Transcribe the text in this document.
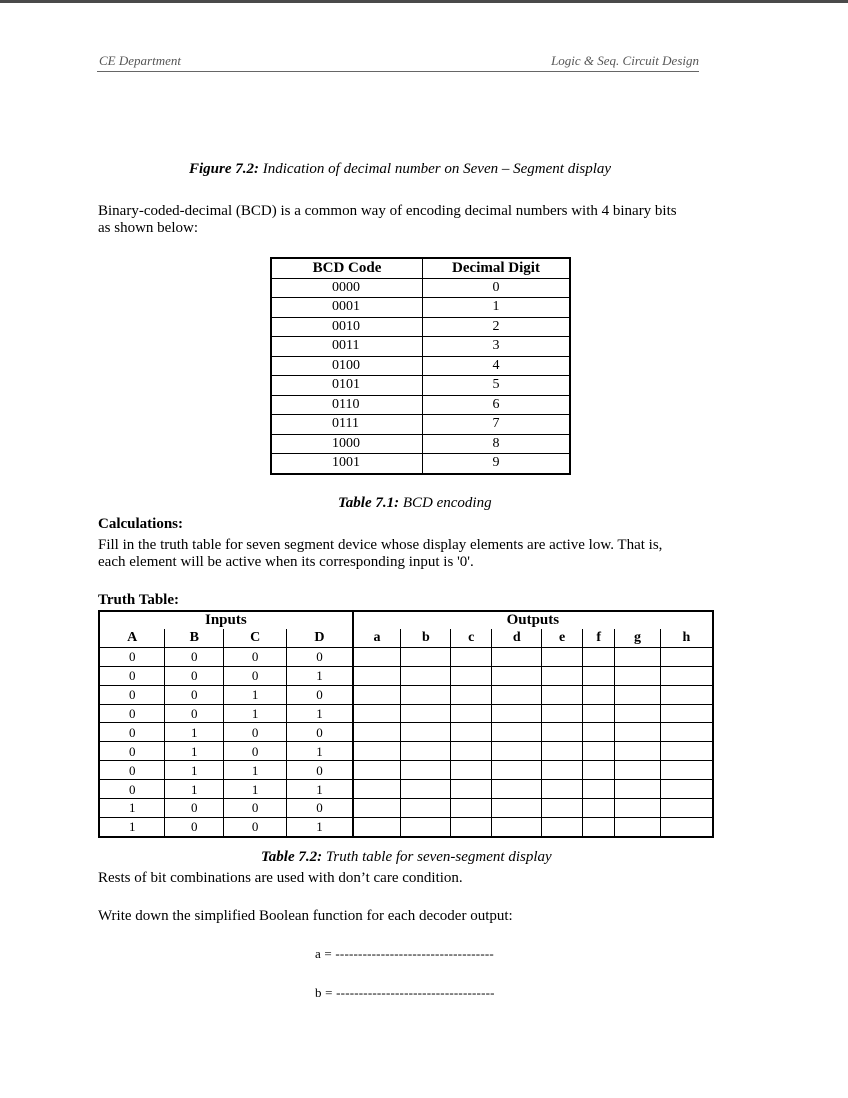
CE Department	Logic & Seq. Circuit Design
Figure 7.2: Indication of decimal number on Seven – Segment display
Binary-coded-decimal (BCD) is a common way of encoding decimal numbers with 4 binary bits
as shown below:
BCD Code	Decimal Digit
0000	0
0001	1
0010	2
0011	3
0100	4
0101	5
0110	6
0111	7
1000	8
1001	9
Table 7.1: BCD encoding
Calculations:
Fill in the truth table for seven segment device whose display elements are active low. That is,
each element will be active when its corresponding input is '0'.
Truth Table:
Inputs				Outputs							
A	B	C	D	a	b	c	d	e	f	g	h
0	0	0	0								
0	0	0	1								
0	0	1	0								
0	0	1	1								
0	1	0	0								
0	1	0	1								
0	1	1	0								
0	1	1	1								
1	0	0	0								
1	0	0	1								
Table 7.2: Truth table for seven-segment display
Rests of bit combinations are used with don’t care condition.
Write down the simplified Boolean function for each decoder output:
a = -----------------------------------
b = -----------------------------------
